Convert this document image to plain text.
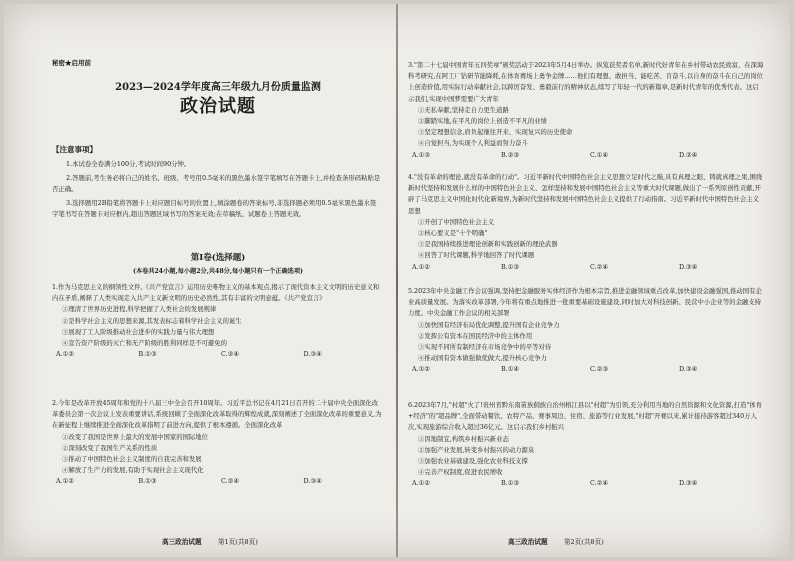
秘密★启用前
2023—2024学年度高三年级九月份质量监测
政治试题
【注意事项】

1.本试卷全卷满分100分,考试时间90分钟。

2.答题前,考生务必将自己的姓名、班级、考号用0.5毫米的黑色墨水签字笔填写在答题卡上,并检查条形码粘贴是否正确。

3.选择题用2B铅笔将答题卡上对应题目标号的位置上,填涂题卷的答案标号,非选择题必须用0.5毫米黑色墨水签字笔书写在答题卡对应框内,超出答题区域书写的答案无效;在草稿纸、试题卷上答题无效。

第Ⅰ卷(选择题)
(本卷共24小题,每小题2分,共48分,每小题只有一个正确选项)

1.作为马克思主义的纲领性文件,《共产党宣言》运用历史唯物主义的基本观点,揭示了现代资本主义文明的历史意义和内在矛盾,阐释了人类实现走入共产主义新文明的历史必然性,其有丰富的文明意蕴。《共产党宣言》

①理清了世界历史进程,科学把握了人类社会的发展规律

②是科学社会主义的思想来源,其发表标志着科学社会主义的诞生

③展现了工人阶级推动社会进步的实践力量与伟大理想

④宣告资产阶级的灭亡和无产阶级的胜利同样是不可避免的

A.①②	B.①③	C.②④	D.③④

2.今年是改革开放45周年和党的十八届三中全会召开10周年。习近平总书记在4月21日召开的二十届中央全面深化改革委员会第一次会议上发表重要讲话,系统回顾了全面深化改革取得的辉煌成就,深刻阐述了全面深化改革的重要意义,为在新征程上继续推进全面深化改革指明了前进方向,提供了根本遵循。全面深化改革

①改变了我国是世界上最大的发展中国家的国际地位

②深刻改变了我国生产关系的性质

③推动了中国特色社会主义制度的自我完善和发展

④解放了生产力的发展,有助于实现社会主义现代化

A.①②	B.①③	C.②④	D.③④
高三政治试题 第1页(共8页)

3."第二十七届中国青年五四奖章"颁奖活动于2023年5月4日举办。纵览获奖者名单,新时代好青年在乡村带动农民致富、在深海科考研究,在阿工厂钻研节能降耗,在体育赛场上勇争金牌……他们有理想、敢担当、能吃苦、肯奋斗,以自身的奋斗在自己的岗位上创造价值,用实际行动奉献社会,以踔厉奋发、勇毅前行的精神状态,续写了年轻一代的新篇章,是新时代青年的优秀代表。这启示我们,实现中国梦需要广大青年

①无私奉献,坚持走自力更生道路

②脚踏实地,在平凡的岗位上创造不平凡的业绩

③坚定理想信念,肩负起继往开来、实现复兴的历史使命

④自觉担当,为实现个人利益而努力奋斗

A.①③	B.②③	C.①④	D.②④

4."没有革命的理论,就没有革命的行动"。习近平新时代中国特色社会主义思想立足时代之巅,具有真理之眼、铸就真理之果,围绕新时代坚持和发展什么样的中国特色社会主义、怎样坚持和发展中国特色社会主义等重大时代课题,做出了一系列原创性贡献,开辟了马克思主义中国化时代化新境界,为新时代坚持和发展中国特色社会主义提供了行动指南。习近平新时代中国特色社会主义思想

①开创了中国特色社会主义

②核心要义是"十个明确"

③是我国持续推进理论创新和实践创新的理论武器

④回答了时代课题,科学地回答了时代课题

A.①②	B.①③	C.②④	D.③④

5.2023年中央金融工作会议强调,坚持把金融服务实体经济作为根本宗旨,推进金融领域重点改革,加快建设金融强国,推动国有企业高质量发展。为落实改革部署,今年将有重点地推进一批重要基础设施建设,同时加大对科技创新、民营中小企业等的金融支持力度。中央金融工作会议的相关部署

①加快国有经济布局优化调整,提升国有企业竞争力

②发挥公有资本在国民经济中的主体作用

③实现不同所有制经济在市场竞争中的平等对待

④推动国有资本做强做优做大,提升核心竞争力

A.①②	B.①④	C.②③	D.③④

6.2023年7月,"村超"火了!贵州省黔东南苗族侗族自治州榕江县以"村超"为引领,充分利用当地的自然资源和文化资源,打造"体育+经济"的"超品牌",全面带动餐饮、农特产品、赛事周边、住宿、旅游等行业发展,"村超"开赛以来,累计接待游客超过340万人次,实现旅游综合收入超过36亿元。这启示我们乡村振兴

①因地制宜,构筑乡村振兴新业态

②加强产业发展,转变乡村振兴的动力源泉

③加强农业基础建设,强化农业科技支撑

④完善产权制度,促进农民增收

A.①②	B.①③	C.②④	D.③④
高三政治试题 第2页(共8页)
